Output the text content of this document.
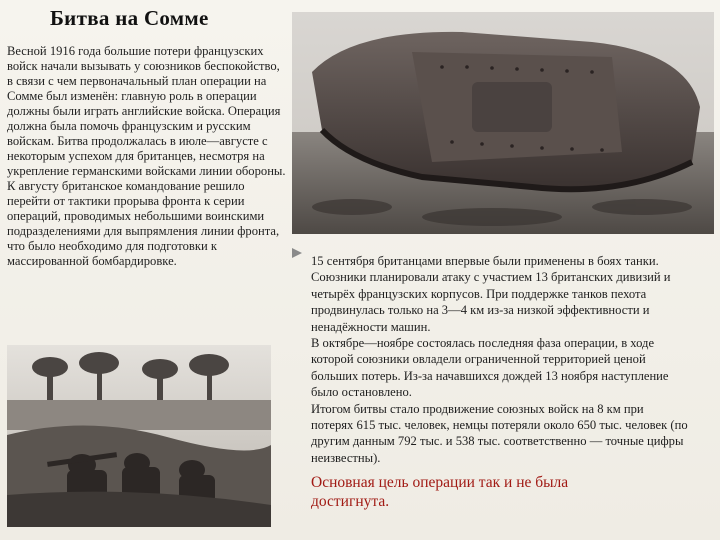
Битва на Сомме
Весной 1916 года большие потери французских войск начали вызывать у союзников беспокойство, в связи с чем первоначальный план операции на Сомме был изменён: главную роль в операции должны были играть английские войска. Операция должна была помочь французским и русским войскам. Битва продолжалась в июле—августе с некоторым успехом для британцев, несмотря на укрепление германскими войсками линии обороны. К августу британское командование решило перейти от тактики прорыва фронта к серии операций, проводимых небольшими воинскими подразделениями для выпрямления линии фронта, что было необходимо для подготовки к массированной бомбардировке.	15 сентября британцами впервые были применены в боях танки. Союзники планировали атаку с участием 13 британских дивизий и четырёх французских корпусов. При поддержке танков пехота продвинулась только на 3—4 км из-за низкой эффективности и ненадёжности машин.

В октябре—ноябре состоялась последняя фаза операции, в ходе которой союзники овладели ограниченной территорией ценой больших потерь. Из-за начавшихся дождей 13 ноября наступление было остановлено.

Итогом битвы стало продвижение союзных войск на 8 км при потерях 615 тыс. человек, немцы потеряли около 650 тыс. человек (по другим данным 792 тыс. и 538 тыс. соответственно — точные цифры неизвестны).

Основная цель операции так и не была достигнута.
